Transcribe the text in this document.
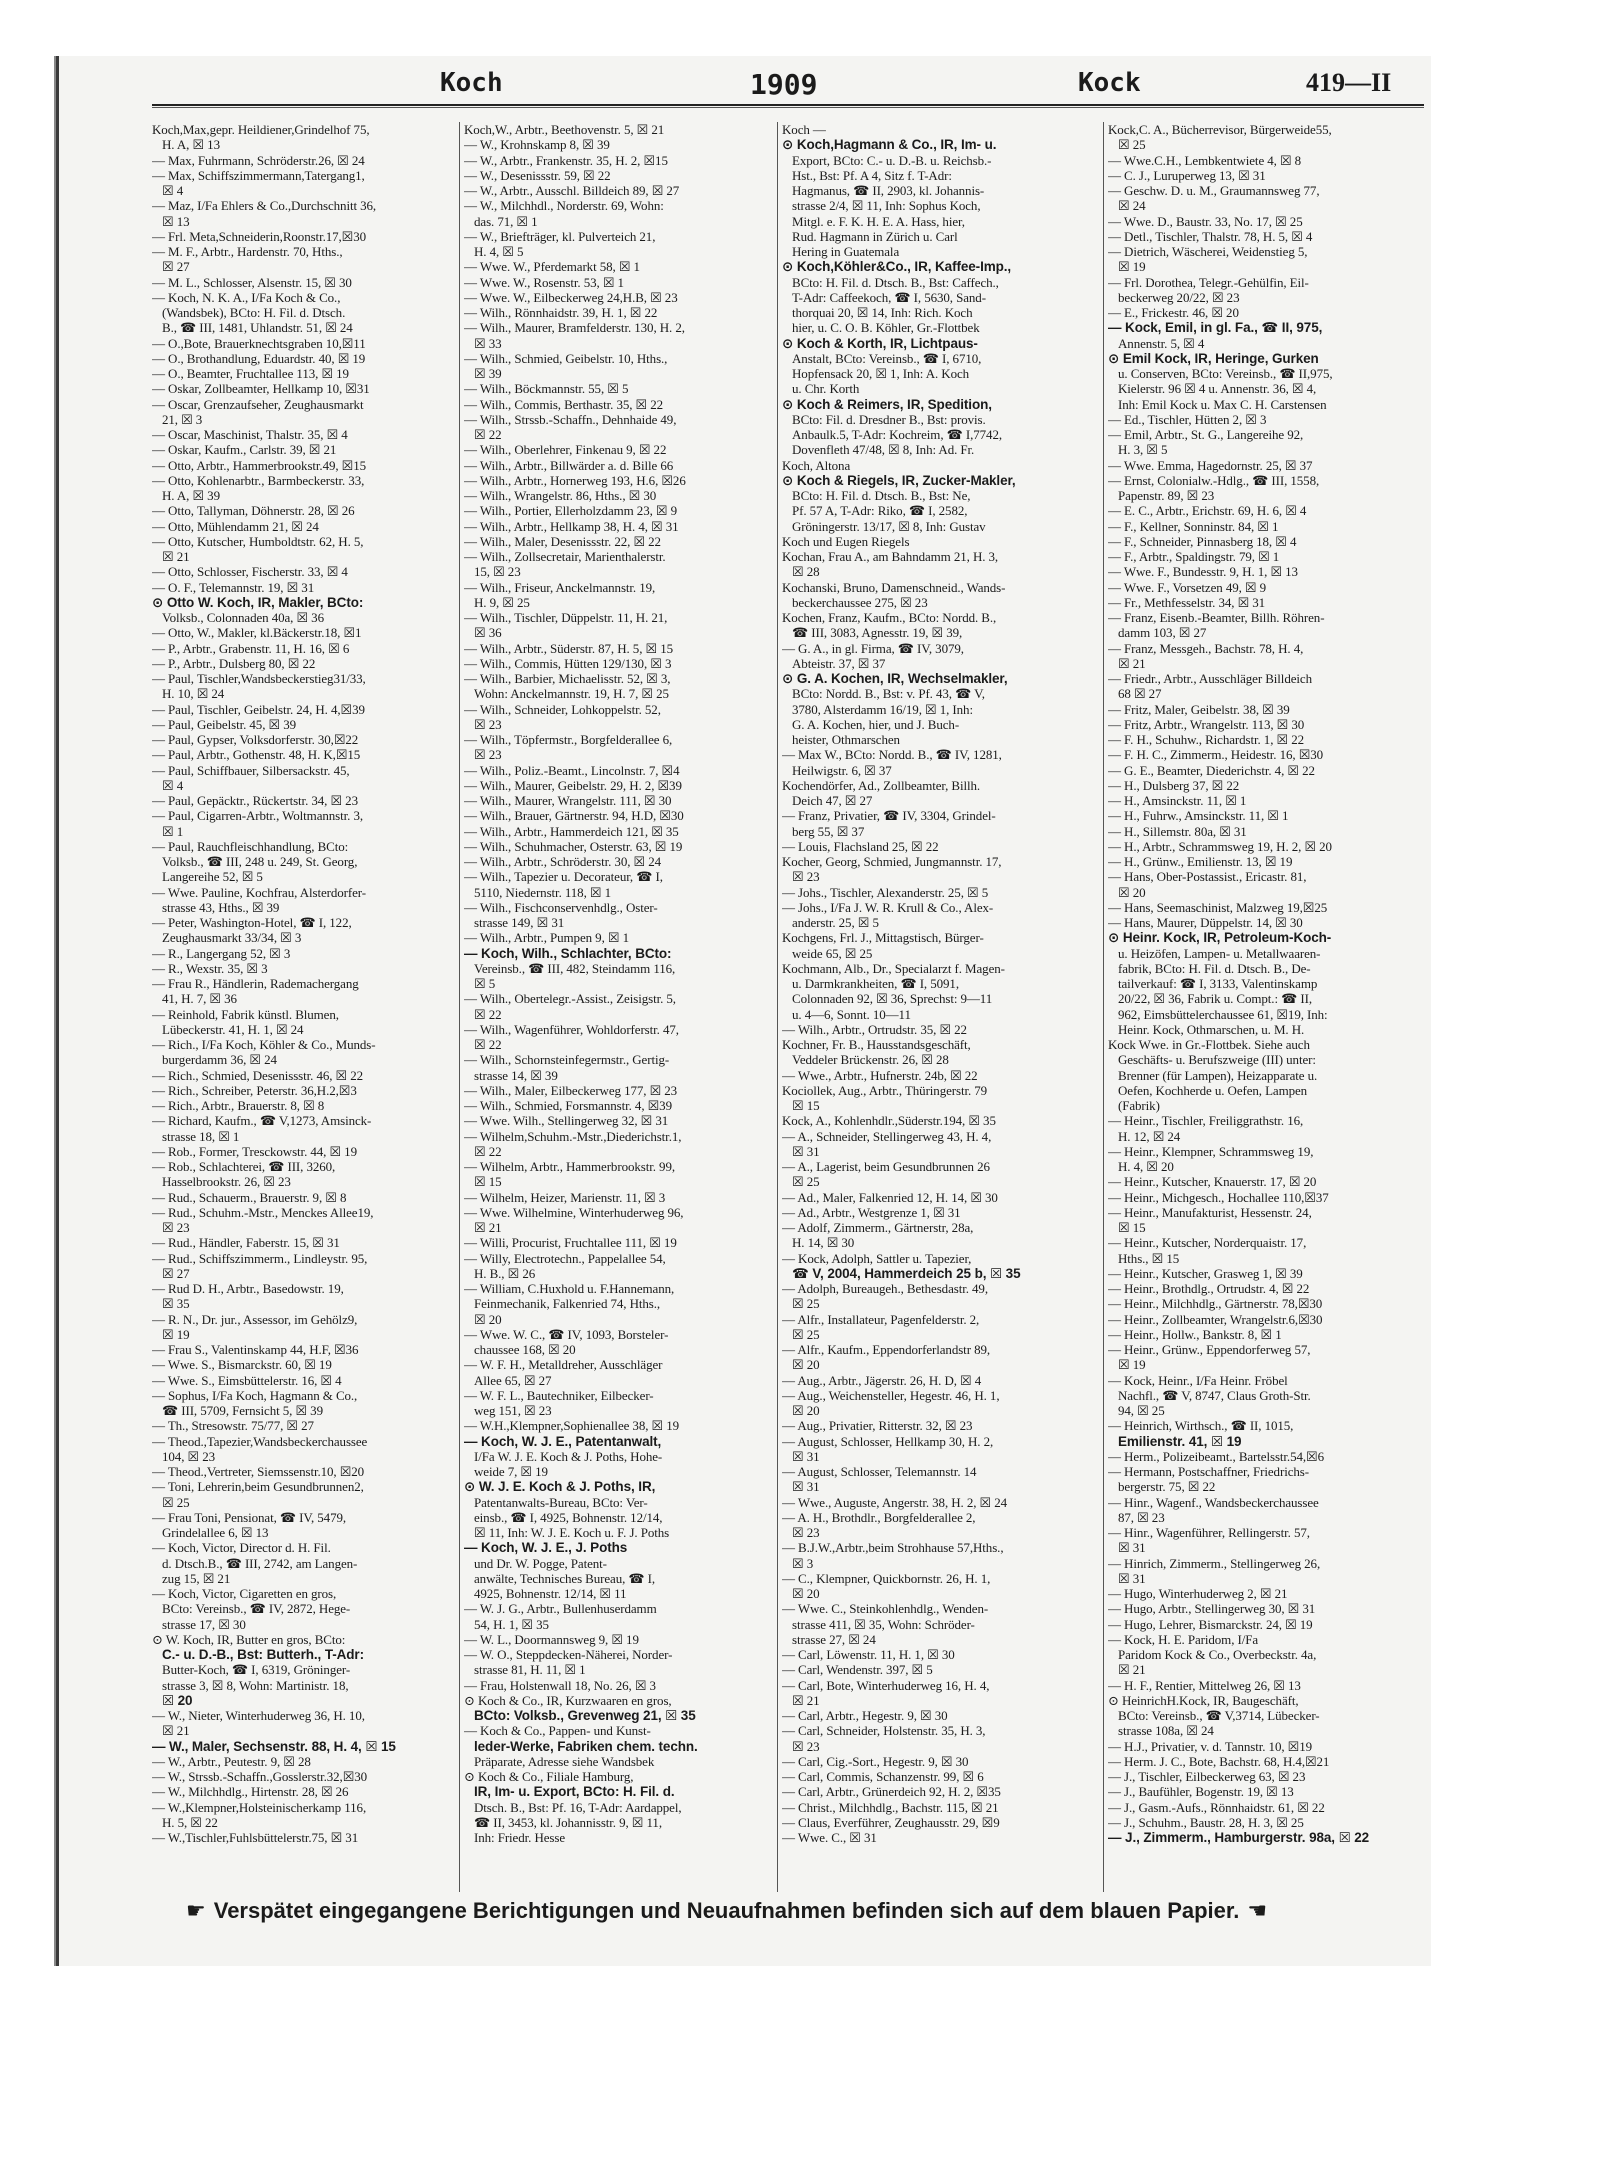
Koch	1909	Kock	419—II
Koch,Max,gepr. Heildiener,Grindelhof 75,
H. A, ☒ 13
— Max, Fuhrmann, Schröderstr.26, ☒ 24
— Max, Schiffszimmermann,Tatergang1,
☒ 4
— Maz, I/Fa Ehlers & Co.,Durchschnitt 36,
☒ 13
— Frl. Meta,Schneiderin,Roonstr.17,☒30
— M. F., Arbtr., Hardenstr. 70, Hths.,
☒ 27
— M. L., Schlosser, Alsenstr. 15, ☒ 30
— Koch, N. K. A., I/Fa Koch & Co.,
(Wandsbek), BCto: H. Fil. d. Dtsch.
B., ☎ III, 1481, Uhlandstr. 51, ☒ 24
— O.,Bote, Brauerknechtsgraben 10,☒11
— O., Brothandlung, Eduardstr. 40, ☒ 19
— O., Beamter, Fruchtallee 113, ☒ 19
— Oskar, Zollbeamter, Hellkamp 10, ☒31
— Oscar, Grenzaufseher, Zeughausmarkt
21, ☒ 3
— Oscar, Maschinist, Thalstr. 35, ☒ 4
— Oskar, Kaufm., Carlstr. 39, ☒ 21
— Otto, Arbtr., Hammerbrookstr.49, ☒15
— Otto, Kohlenarbtr., Barmbeckerstr. 33,
H. A, ☒ 39
— Otto, Tallyman, Döhnerstr. 28, ☒ 26
— Otto, Mühlendamm 21, ☒ 24
— Otto, Kutscher, Humboldtstr. 62, H. 5,
☒ 21
— Otto, Schlosser, Fischerstr. 33, ☒ 4
— O. F., Telemannstr. 19, ☒ 31
⊙ Otto W. Koch, IR, Makler, BCto:
Volksb., Colonnaden 40a, ☒ 36
— Otto, W., Makler, kl.Bäckerstr.18, ☒1
— P., Arbtr., Grabenstr. 11, H. 16, ☒ 6
— P., Arbtr., Dulsberg 80, ☒ 22
— Paul, Tischler,Wandsbeckerstieg31/33,
H. 10, ☒ 24
— Paul, Tischler, Geibelstr. 24, H. 4,☒39
— Paul, Geibelstr. 45, ☒ 39
— Paul, Gypser, Volksdorferstr. 30,☒22
— Paul, Arbtr., Gothenstr. 48, H. K,☒15
— Paul, Schiffbauer, Silbersackstr. 45,
☒ 4
— Paul, Gepäcktr., Rückertstr. 34, ☒ 23
— Paul, Cigarren-Arbtr., Woltmannstr. 3,
☒ 1
— Paul, Rauchfleischhandlung, BCto:
Volksb., ☎ III, 248 u. 249, St. Georg,
Langereihe 52, ☒ 5
— Wwe. Pauline, Kochfrau, Alsterdorfer-
strasse 43, Hths., ☒ 39
— Peter, Washington-Hotel, ☎ I, 122,
Zeughausmarkt 33/34, ☒ 3
— R., Langergang 52, ☒ 3
— R., Wexstr. 35, ☒ 3
— Frau R., Händlerin, Rademachergang
41, H. 7, ☒ 36
— Reinhold, Fabrik künstl. Blumen,
Lübeckerstr. 41, H. 1, ☒ 24
— Rich., I/Fa Koch, Köhler & Co., Munds-
burgerdamm 36, ☒ 24
— Rich., Schmied, Desenissstr. 46, ☒ 22
— Rich., Schreiber, Peterstr. 36,H.2,☒3
— Rich., Arbtr., Brauerstr. 8, ☒ 8
— Richard, Kaufm., ☎ V,1273, Amsinck-
strasse 18, ☒ 1
— Rob., Former, Tresckowstr. 44, ☒ 19
— Rob., Schlachterei, ☎ III, 3260,
Hasselbrookstr. 26, ☒ 23
— Rud., Schauerm., Brauerstr. 9, ☒ 8
— Rud., Schuhm.-Mstr., Menckes Allee19,
☒ 23
— Rud., Händler, Faberstr. 15, ☒ 31
— Rud., Schiffszimmerm., Lindleystr. 95,
☒ 27
— Rud D. H., Arbtr., Basedowstr. 19,
☒ 35
— R. N., Dr. jur., Assessor, im Gehölz9,
☒ 19
— Frau S., Valentinskamp 44, H.F, ☒36
— Wwe. S., Bismarckstr. 60, ☒ 19
— Wwe. S., Eimsbüttelerstr. 16, ☒ 4
— Sophus, I/Fa Koch, Hagmann & Co.,
☎ III, 5709, Fernsicht 5, ☒ 39
— Th., Stresowstr. 75/77, ☒ 27
— Theod.,Tapezier,Wandsbeckerchaussee
104, ☒ 23
— Theod.,Vertreter, Siemssenstr.10, ☒20
— Toni, Lehrerin,beim Gesundbrunnen2,
☒ 25
— Frau Toni, Pensionat, ☎ IV, 5479,
Grindelallee 6, ☒ 13
— Koch, Victor, Director d. H. Fil.
d. Dtsch.B., ☎ III, 2742, am Langen-
zug 15, ☒ 21
— Koch, Victor, Cigaretten en gros,
BCto: Vereinsb., ☎ IV, 2872, Hege-
strasse 17, ☒ 30
⊙ W. Koch, IR, Butter en gros, BCto:
C.- u. D.-B., Bst: Butterh., T-Adr:
Butter-Koch, ☎ I, 6319, Gröninger-
strasse 3, ☒ 8, Wohn: Martinistr. 18,
☒ 20
— W., Nieter, Winterhuderweg 36, H. 10,
☒ 21
— W., Maler, Sechsenstr. 88, H. 4, ☒ 15
— W., Arbtr., Peutestr. 9, ☒ 28
— W., Strssb.-Schaffn.,Gosslerstr.32,☒30
— W., Milchhdlg., Hirtenstr. 28, ☒ 26
— W.,Klempner,Holsteinischerkamp 116,
H. 5, ☒ 22
— W.,Tischler,Fuhlsbüttelerstr.75, ☒ 31
Koch,W., Arbtr., Beethovenstr. 5, ☒ 21
— W., Krohnskamp 8, ☒ 39
— W., Arbtr., Frankenstr. 35, H. 2, ☒15
— W., Desenissstr. 59, ☒ 22
— W., Arbtr., Ausschl. Billdeich 89, ☒ 27
— W., Milchhdl., Norderstr. 69, Wohn:
das. 71, ☒ 1
— W., Briefträger, kl. Pulverteich 21,
H. 4, ☒ 5
— Wwe. W., Pferdemarkt 58, ☒ 1
— Wwe. W., Rosenstr. 53, ☒ 1
— Wwe. W., Eilbeckerweg 24,H.B, ☒ 23
— Wilh., Rönnhaidstr. 39, H. 1, ☒ 22
— Wilh., Maurer, Bramfelderstr. 130, H. 2,
☒ 33
— Wilh., Schmied, Geibelstr. 10, Hths.,
☒ 39
— Wilh., Böckmannstr. 55, ☒ 5
— Wilh., Commis, Berthastr. 35, ☒ 22
— Wilh., Strssb.-Schaffn., Dehnhaide 49,
☒ 22
— Wilh., Oberlehrer, Finkenau 9, ☒ 22
— Wilh., Arbtr., Billwärder a. d. Bille 66
— Wilh., Arbtr., Hornerweg 193, H.6, ☒26
— Wilh., Wrangelstr. 86, Hths., ☒ 30
— Wilh., Portier, Ellerholzdamm 23, ☒ 9
— Wilh., Arbtr., Hellkamp 38, H. 4, ☒ 31
— Wilh., Maler, Desenissstr. 22, ☒ 22
— Wilh., Zollsecretair, Marienthalerstr.
15, ☒ 23
— Wilh., Friseur, Anckelmannstr. 19,
H. 9, ☒ 25
— Wilh., Tischler, Düppelstr. 11, H. 21,
☒ 36
— Wilh., Arbtr., Süderstr. 87, H. 5, ☒ 15
— Wilh., Commis, Hütten 129/130, ☒ 3
— Wilh., Barbier, Michaelisstr. 52, ☒ 3,
Wohn: Anckelmannstr. 19, H. 7, ☒ 25
— Wilh., Schneider, Lohkoppelstr. 52,
☒ 23
— Wilh., Töpfermstr., Borgfelderallee 6,
☒ 23
— Wilh., Poliz.-Beamt., Lincolnstr. 7, ☒4
— Wilh., Maurer, Geibelstr. 29, H. 2, ☒39
— Wilh., Maurer, Wrangelstr. 111, ☒ 30
— Wilh., Brauer, Gärtnerstr. 94, H.D, ☒30
— Wilh., Arbtr., Hammerdeich 121, ☒ 35
— Wilh., Schuhmacher, Osterstr. 63, ☒ 19
— Wilh., Arbtr., Schröderstr. 30, ☒ 24
— Wilh., Tapezier u. Decorateur, ☎ I,
5110, Niedernstr. 118, ☒ 1
— Wilh., Fischconservenhdlg., Oster-
strasse 149, ☒ 31
— Wilh., Arbtr., Pumpen 9, ☒ 1
— Koch, Wilh., Schlachter, BCto:
Vereinsb., ☎ III, 482, Steindamm 116,
☒ 5
— Wilh., Obertelegr.-Assist., Zeisigstr. 5,
☒ 22
— Wilh., Wagenführer, Wohldorferstr. 47,
☒ 22
— Wilh., Schornsteinfegermstr., Gertig-
strasse 14, ☒ 39
— Wilh., Maler, Eilbeckerweg 177, ☒ 23
— Wilh., Schmied, Forsmannstr. 4, ☒39
— Wwe. Wilh., Stellingerweg 32, ☒ 31
— Wilhelm,Schuhm.-Mstr.,Diederichstr.1,
☒ 22
— Wilhelm, Arbtr., Hammerbrookstr. 99,
☒ 15
— Wilhelm, Heizer, Marienstr. 11, ☒ 3
— Wwe. Wilhelmine, Winterhuderweg 96,
☒ 21
— Willi, Procurist, Fruchtallee 111, ☒ 19
— Willy, Electrotechn., Pappelallee 54,
H. B., ☒ 26
— William, C.Huxhold u. F.Hannemann,
Feinmechanik, Falkenried 74, Hths.,
☒ 20
— Wwe. W. C., ☎ IV, 1093, Borsteler-
chaussee 168, ☒ 20
— W. F. H., Metalldreher, Ausschläger
Allee 65, ☒ 27
— W. F. L., Bautechniker, Eilbecker-
weg 151, ☒ 23
— W.H.,Klempner,Sophienallee 38, ☒ 19
— Koch, W. J. E., Patentanwalt,
I/Fa W. J. E. Koch & J. Poths, Hohe-
weide 7, ☒ 19
⊙ W. J. E. Koch & J. Poths, IR,
Patentanwalts-Bureau, BCto: Ver-
einsb., ☎ I, 4925, Bohnenstr. 12/14,
☒ 11, Inh: W. J. E. Koch u. F. J. Poths
— Koch, W. J. E., J. Poths
und Dr. W. Pogge, Patent-
anwälte, Technisches Bureau, ☎ I,
4925, Bohnenstr. 12/14, ☒ 11
— W. J. G., Arbtr., Bullenhuserdamm
54, H. 1, ☒ 35
— W. L., Doormannsweg 9, ☒ 19
— W. O., Steppdecken-Näherei, Norder-
strasse 81, H. 11, ☒ 1
— Frau, Holstenwall 18, No. 26, ☒ 3
⊙ Koch & Co., IR, Kurzwaaren en gros,
BCto: Volksb., Grevenweg 21, ☒ 35
— Koch & Co., Pappen- und Kunst-
leder-Werke, Fabriken chem. techn.
Präparate, Adresse siehe Wandsbek
⊙ Koch & Co., Filiale Hamburg,
IR, Im- u. Export, BCto: H. Fil. d.
Dtsch. B., Bst: Pf. 16, T-Adr: Aardappel,
☎ II, 3453, kl. Johannisstr. 9, ☒ 11,
Inh: Friedr. Hesse
Koch —
⊙ Koch,Hagmann & Co., IR, Im- u.
Export, BCto: C.- u. D.-B. u. Reichsb.-
Hst., Bst: Pf. A 4, Sitz f. T-Adr:
Hagmanus, ☎ II, 2903, kl. Johannis-
strasse 2/4, ☒ 11, Inh: Sophus Koch,
Mitgl. e. F. K. H. E. A. Hass, hier,
Rud. Hagmann in Zürich u. Carl
Hering in Guatemala
⊙ Koch,Köhler&Co., IR, Kaffee-Imp.,
BCto: H. Fil. d. Dtsch. B., Bst: Caffech.,
T-Adr: Caffeekoch, ☎ I, 5630, Sand-
thorquai 20, ☒ 14, Inh: Rich. Koch
hier, u. C. O. B. Köhler, Gr.-Flottbek
⊙ Koch & Korth, IR, Lichtpaus-
Anstalt, BCto: Vereinsb., ☎ I, 6710,
Hopfensack 20, ☒ 1, Inh: A. Koch
u. Chr. Korth
⊙ Koch & Reimers, IR, Spedition,
BCto: Fil. d. Dresdner B., Bst: provis.
Anbaulk.5, T-Adr: Kochreim, ☎ I,7742,
Dovenfleth 47/48, ☒ 8, Inh: Ad. Fr.
Koch, Altona
⊙ Koch & Riegels, IR, Zucker-Makler,
BCto: H. Fil. d. Dtsch. B., Bst: Ne,
Pf. 57 A, T-Adr: Riko, ☎ I, 2582,
Gröningerstr. 13/17, ☒ 8, Inh: Gustav
Koch und Eugen Riegels
Kochan, Frau A., am Bahndamm 21, H. 3,
☒ 28
Kochanski, Bruno, Damenschneid., Wands-
beckerchaussee 275, ☒ 23
Kochen, Franz, Kaufm., BCto: Nordd. B.,
☎ III, 3083, Agnesstr. 19, ☒ 39,
— G. A., in gl. Firma, ☎ IV, 3079,
Abteistr. 37, ☒ 37
⊙ G. A. Kochen, IR, Wechselmakler,
BCto: Nordd. B., Bst: v. Pf. 43, ☎ V,
3780, Alsterdamm 16/19, ☒ 1, Inh:
G. A. Kochen, hier, und J. Buch-
heister, Othmarschen
— Max W., BCto: Nordd. B., ☎ IV, 1281,
Heilwigstr. 6, ☒ 37
Kochendörfer, Ad., Zollbeamter, Billh.
Deich 47, ☒ 27
— Franz, Privatier, ☎ IV, 3304, Grindel-
berg 55, ☒ 37
— Louis, Flachsland 25, ☒ 22
Kocher, Georg, Schmied, Jungmannstr. 17,
☒ 23
— Johs., Tischler, Alexanderstr. 25, ☒ 5
— Johs., I/Fa J. W. R. Krull & Co., Alex-
anderstr. 25, ☒ 5
Kochgens, Frl. J., Mittagstisch, Bürger-
weide 65, ☒ 25
Kochmann, Alb., Dr., Specialarzt f. Magen-
u. Darmkrankheiten, ☎ I, 5091,
Colonnaden 92, ☒ 36, Sprechst: 9—11
u. 4—6, Sonnt. 10—11
— Wilh., Arbtr., Ortrudstr. 35, ☒ 22
Kochner, Fr. B., Hausstandsgeschäft,
Veddeler Brückenstr. 26, ☒ 28
— Wwe., Arbtr., Hufnerstr. 24b, ☒ 22
Kociollek, Aug., Arbtr., Thüringerstr. 79
☒ 15
Kock, A., Kohlenhdlr.,Süderstr.194, ☒ 35
— A., Schneider, Stellingerweg 43, H. 4,
☒ 31
— A., Lagerist, beim Gesundbrunnen 26
☒ 25
— Ad., Maler, Falkenried 12, H. 14, ☒ 30
— Ad., Arbtr., Westgrenze 1, ☒ 31
— Adolf, Zimmerm., Gärtnerstr, 28a,
H. 14, ☒ 30
— Kock, Adolph, Sattler u. Tapezier,
☎ V, 2004, Hammerdeich 25 b, ☒ 35
— Adolph, Bureaugeh., Bethesdastr. 49,
☒ 25
— Alfr., Installateur, Pagenfelderstr. 2,
☒ 25
— Alfr., Kaufm., Eppendorferlandstr 89,
☒ 20
— Aug., Arbtr., Jägerstr. 26, H. D, ☒ 4
— Aug., Weichensteller, Hegestr. 46, H. 1,
☒ 20
— Aug., Privatier, Ritterstr. 32, ☒ 23
— August, Schlosser, Hellkamp 30, H. 2,
☒ 31
— August, Schlosser, Telemannstr. 14
☒ 31
— Wwe., Auguste, Angerstr. 38, H. 2, ☒ 24
— A. H., Brothdlr., Borgfelderallee 2,
☒ 23
— B.J.W.,Arbtr.,beim Strohhause 57,Hths.,
☒ 3
— C., Klempner, Quickbornstr. 26, H. 1,
☒ 20
— Wwe. C., Steinkohlenhdlg., Wenden-
strasse 411, ☒ 35, Wohn: Schröder-
strasse 27, ☒ 24
— Carl, Löwenstr. 11, H. 1, ☒ 30
— Carl, Wendenstr. 397, ☒ 5
— Carl, Bote, Winterhuderweg 16, H. 4,
☒ 21
— Carl, Arbtr., Hegestr. 9, ☒ 30
— Carl, Schneider, Holstenstr. 35, H. 3,
☒ 23
— Carl, Cig.-Sort., Hegestr. 9, ☒ 30
— Carl, Commis, Schanzenstr. 99, ☒ 6
— Carl, Arbtr., Grünerdeich 92, H. 2, ☒35
— Christ., Milchhdlg., Bachstr. 115, ☒ 21
— Claus, Everführer, Zeughausstr. 29, ☒9
— Wwe. C., ☒ 31
Kock,C. A., Bücherrevisor, Bürgerweide55,
☒ 25
— Wwe.C.H., Lembkentwiete 4, ☒ 8
— C. J., Luruperweg 13, ☒ 31
— Geschw. D. u. M., Graumannsweg 77,
☒ 24
— Wwe. D., Baustr. 33, No. 17, ☒ 25
— Detl., Tischler, Thalstr. 78, H. 5, ☒ 4
— Dietrich, Wäscherei, Weidenstieg 5,
☒ 19
— Frl. Dorothea, Telegr.-Gehülfin, Eil-
beckerweg 20/22, ☒ 23
— E., Frickestr. 46, ☒ 20
— Kock, Emil, in gl. Fa., ☎ II, 975,
Annenstr. 5, ☒ 4
⊙ Emil Kock, IR, Heringe, Gurken
u. Conserven, BCto: Vereinsb., ☎ II,975,
Kielerstr. 96 ☒ 4 u. Annenstr. 36, ☒ 4,
Inh: Emil Kock u. Max C. H. Carstensen
— Ed., Tischler, Hütten 2, ☒ 3
— Emil, Arbtr., St. G., Langereihe 92,
H. 3, ☒ 5
— Wwe. Emma, Hagedornstr. 25, ☒ 37
— Ernst, Colonialw.-Hdlg., ☎ III, 1558,
Papenstr. 89, ☒ 23
— E. C., Arbtr., Erichstr. 69, H. 6, ☒ 4
— F., Kellner, Sonninstr. 84, ☒ 1
— F., Schneider, Pinnasberg 18, ☒ 4
— F., Arbtr., Spaldingstr. 79, ☒ 1
— Wwe. F., Bundesstr. 9, H. 1, ☒ 13
— Wwe. F., Vorsetzen 49, ☒ 9
— Fr., Methfesselstr. 34, ☒ 31
— Franz, Eisenb.-Beamter, Billh. Röhren-
damm 103, ☒ 27
— Franz, Messgeh., Bachstr. 78, H. 4,
☒ 21
— Friedr., Arbtr., Ausschläger Billdeich
68 ☒ 27
— Fritz, Maler, Geibelstr. 38, ☒ 39
— Fritz, Arbtr., Wrangelstr. 113, ☒ 30
— F. H., Schuhw., Richardstr. 1, ☒ 22
— F. H. C., Zimmerm., Heidestr. 16, ☒30
— G. E., Beamter, Diederichstr. 4, ☒ 22
— H., Dulsberg 37, ☒ 22
— H., Amsinckstr. 11, ☒ 1
— H., Fuhrw., Amsinckstr. 11, ☒ 1
— H., Sillemstr. 80a, ☒ 31
— H., Arbtr., Schrammsweg 19, H. 2, ☒ 20
— H., Grünw., Emilienstr. 13, ☒ 19
— Hans, Ober-Postassist., Ericastr. 81,
☒ 20
— Hans, Seemaschinist, Malzweg 19,☒25
— Hans, Maurer, Düppelstr. 14, ☒ 30
⊙ Heinr. Kock, IR, Petroleum-Koch-
u. Heizöfen, Lampen- u. Metallwaaren-
fabrik, BCto: H. Fil. d. Dtsch. B., De-
tailverkauf: ☎ I, 3133, Valentinskamp
20/22, ☒ 36, Fabrik u. Compt.: ☎ II,
962, Eimsbüttelerchaussee 61, ☒19, Inh:
Heinr. Kock, Othmarschen, u. M. H.
Kock Wwe. in Gr.-Flottbek. Siehe auch
Geschäfts- u. Berufszweige (III) unter:
Brenner (für Lampen), Heizapparate u.
Oefen, Kochherde u. Oefen, Lampen
(Fabrik)
— Heinr., Tischler, Freiliggrathstr. 16,
H. 12, ☒ 24
— Heinr., Klempner, Schrammsweg 19,
H. 4, ☒ 20
— Heinr., Kutscher, Knauerstr. 17, ☒ 20
— Heinr., Michgesch., Hochallee 110,☒37
— Heinr., Manufakturist, Hessenstr. 24,
☒ 15
— Heinr., Kutscher, Norderquaistr. 17,
Hths., ☒ 15
— Heinr., Kutscher, Grasweg 1, ☒ 39
— Heinr., Brothdlg., Ortrudstr. 4, ☒ 22
— Heinr., Milchhdlg., Gärtnerstr. 78,☒30
— Heinr., Zollbeamter, Wrangelstr.6,☒30
— Heinr., Hollw., Bankstr. 8, ☒ 1
— Heinr., Grünw., Eppendorferweg 57,
☒ 19
— Kock, Heinr., I/Fa Heinr. Fröbel
Nachfl., ☎ V, 8747, Claus Groth-Str.
94, ☒ 25
— Heinrich, Wirthsch., ☎ II, 1015,
Emilienstr. 41, ☒ 19
— Herm., Polizeibeamt., Bartelsstr.54,☒6
— Hermann, Postschaffner, Friedrichs-
bergerstr. 75, ☒ 22
— Hinr., Wagenf., Wandsbeckerchaussee
87, ☒ 23
— Hinr., Wagenführer, Rellingerstr. 57,
☒ 31
— Hinrich, Zimmerm., Stellingerweg 26,
☒ 31
— Hugo, Winterhuderweg 2, ☒ 21
— Hugo, Arbtr., Stellingerweg 30, ☒ 31
— Hugo, Lehrer, Bismarckstr. 24, ☒ 19
— Kock, H. E. Paridom, I/Fa
Paridom Kock & Co., Overbeckstr. 4a,
☒ 21
— H. F., Rentier, Mittelweg 26, ☒ 13
⊙ HeinrichH.Kock, IR, Baugeschäft,
BCto: Vereinsb., ☎ V,3714, Lübecker-
strasse 108a, ☒ 24
— H.J., Privatier, v. d. Tannstr. 10, ☒19
— Herm. J. C., Bote, Bachstr. 68, H.4,☒21
— J., Tischler, Eilbeckerweg 63, ☒ 23
— J., Baufühler, Bogenstr. 19, ☒ 13
— J., Gasm.-Aufs., Rönnhaidstr. 61, ☒ 22
— J., Schuhm., Baustr. 28, H. 3, ☒ 25
— J., Zimmerm., Hamburgerstr. 98a, ☒ 22
☛ Verspätet eingegangene Berichtigungen und Neuaufnahmen befinden sich auf dem blauen Papier. ☚
